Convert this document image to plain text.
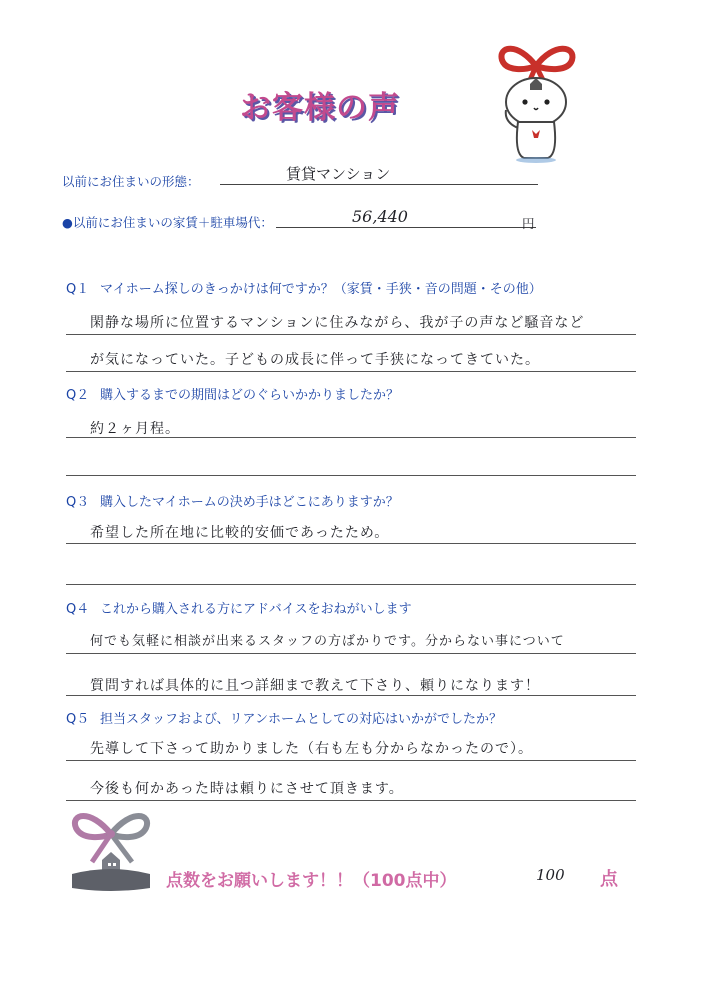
お客様の声
以前にお住まいの形態：	賃貸マンション
●以前にお住まいの家賃＋駐車場代：	56,440	円
Q１ マイホーム探しのきっかけは何ですか？（家賃・手狭・音の問題・その他）
閑静な場所に位置するマンションに住みながら、我が子の声など騒音など
が気になっていた。子どもの成長に伴って手狭になってきていた。
Q２ 購入するまでの期間はどのぐらいかかりましたか？
約２ヶ月程。
Q３ 購入したマイホームの決め手はどこにありますか？
希望した所在地に比較的安価であったため。
Q４ これから購入される方にアドバイスをおねがいします
何でも気軽に相談が出来るスタッフの方ばかりです。分からない事について
質問すれば具体的に且つ詳細まで教えて下さり、頼りになります！
Q５ 担当スタッフおよび、リアンホームとしての対応はいかがでしたか？
先導して下さって助かりました（右も左も分からなかったので）。
今後も何かあった時は頼りにさせて頂きます。
点数をお願いします！！（100点中）	100 点
